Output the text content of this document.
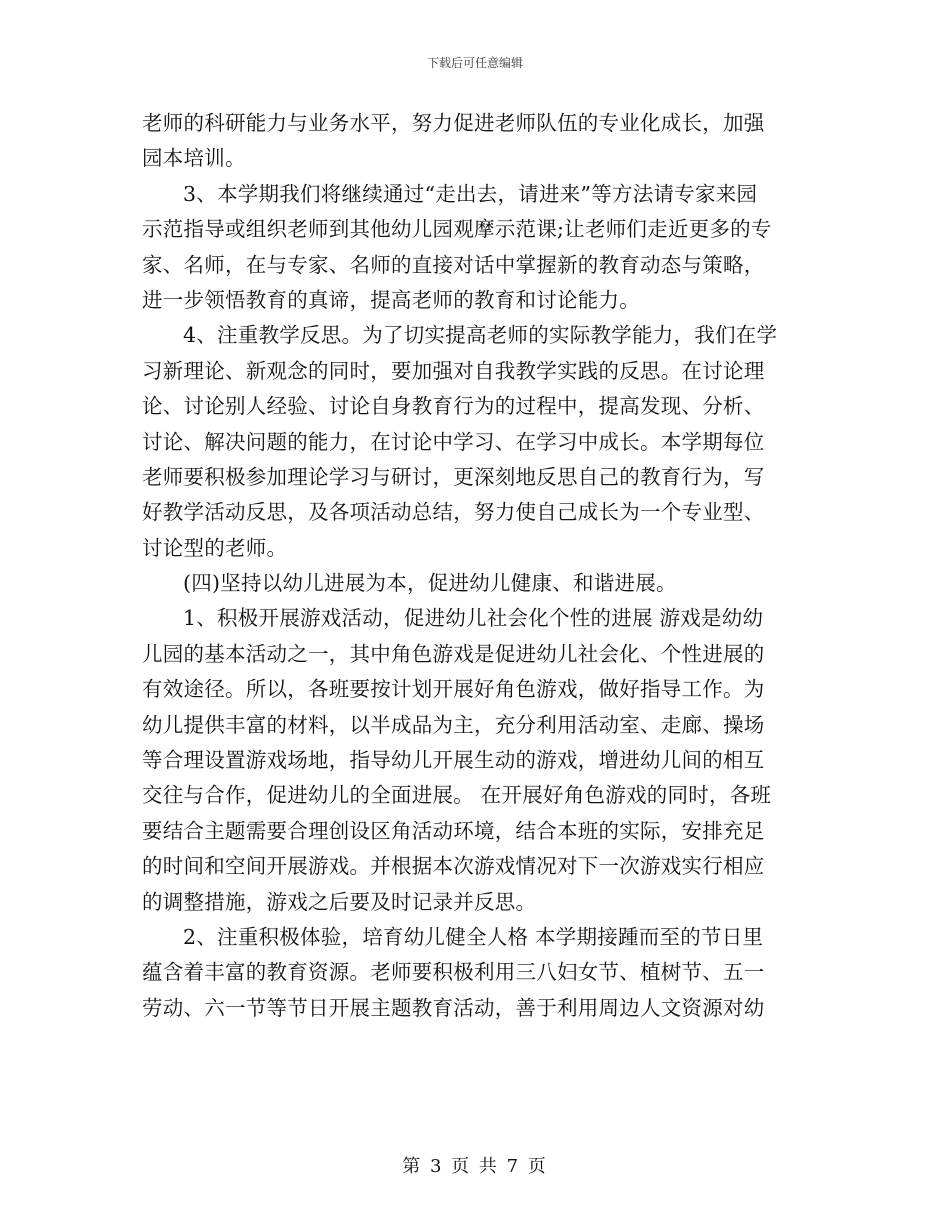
下载后可任意编辑
老师的科研能力与业务水平，努力促进老师队伍的专业化成长，加强
园本培训。
3、本学期我们将继续通过“走出去，请进来”等方法请专家来园
示范指导或组织老师到其他幼儿园观摩示范课;让老师们走近更多的专
家、名师，在与专家、名师的直接对话中掌握新的教育动态与策略，
进一步领悟教育的真谛，提高老师的教育和讨论能力。
4、注重教学反思。为了切实提高老师的实际教学能力，我们在学
习新理论、新观念的同时，要加强对自我教学实践的反思。在讨论理
论、讨论别人经验、讨论自身教育行为的过程中，提高发现、分析、
讨论、解决问题的能力，在讨论中学习、在学习中成长。本学期每位
老师要积极参加理论学习与研讨，更深刻地反思自己的教育行为，写
好教学活动反思，及各项活动总结，努力使自己成长为一个专业型、
讨论型的老师。
(四)坚持以幼儿进展为本，促进幼儿健康、和谐进展。
1、积极开展游戏活动，促进幼儿社会化个性的进展 游戏是幼幼
儿园的基本活动之一，其中角色游戏是促进幼儿社会化、个性进展的
有效途径。所以，各班要按计划开展好角色游戏，做好指导工作。为
幼儿提供丰富的材料，以半成品为主，充分利用活动室、走廊、操场
等合理设置游戏场地，指导幼儿开展生动的游戏，增进幼儿间的相互
交往与合作，促进幼儿的全面进展。 在开展好角色游戏的同时，各班
要结合主题需要合理创设区角活动环境，结合本班的实际，安排充足
的时间和空间开展游戏。并根据本次游戏情况对下一次游戏实行相应
的调整措施，游戏之后要及时记录并反思。
2、注重积极体验，培育幼儿健全人格 本学期接踵而至的节日里
蕴含着丰富的教育资源。老师要积极利用三八妇女节、植树节、五一
劳动、六一节等节日开展主题教育活动，善于利用周边人文资源对幼
第 3 页 共 7 页
